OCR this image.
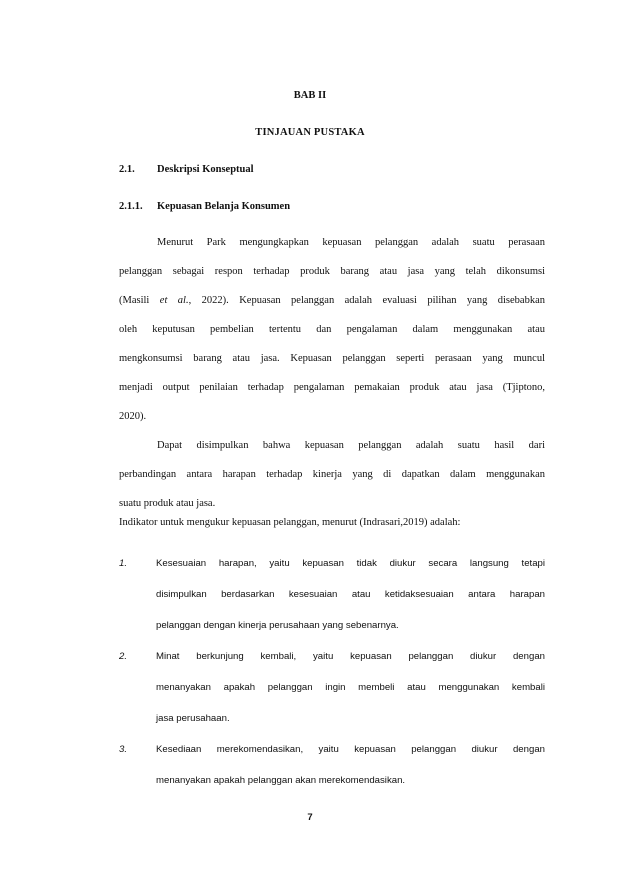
BAB II
TINJAUAN PUSTAKA
2.1. Deskripsi Konseptual
2.1.1. Kepuasan Belanja Konsumen
Menurut Park mengungkapkan kepuasan pelanggan adalah suatu perasaan
pelanggan sebagai respon terhadap produk barang atau jasa yang telah dikonsumsi
(Masili et al., 2022). Kepuasan pelanggan adalah evaluasi pilihan yang disebabkan
oleh keputusan pembelian tertentu dan pengalaman dalam menggunakan atau
mengkonsumsi barang atau jasa. Kepuasan pelanggan seperti perasaan yang muncul
menjadi output penilaian terhadap pengalaman pemakaian produk atau jasa (Tjiptono,
2020).
Dapat disimpulkan bahwa kepuasan pelanggan adalah suatu hasil dari
perbandingan antara harapan terhadap kinerja yang di dapatkan dalam menggunakan
suatu produk atau jasa.
Indikator untuk mengukur kepuasan pelanggan, menurut (Indrasari,2019) adalah:
1.	Kesesuaian harapan, yaitu kepuasan tidak diukur secara langsung tetapi
disimpulkan berdasarkan kesesuaian atau ketidaksesuaian antara harapan
pelanggan dengan kinerja perusahaan yang sebenarnya.
2.	Minat berkunjung kembali, yaitu kepuasan pelanggan diukur dengan
menanyakan apakah pelanggan ingin membeli atau menggunakan kembali
jasa perusahaan.
3.	Kesediaan merekomendasikan, yaitu kepuasan pelanggan diukur dengan
menanyakan apakah pelanggan akan merekomendasikan.
7
